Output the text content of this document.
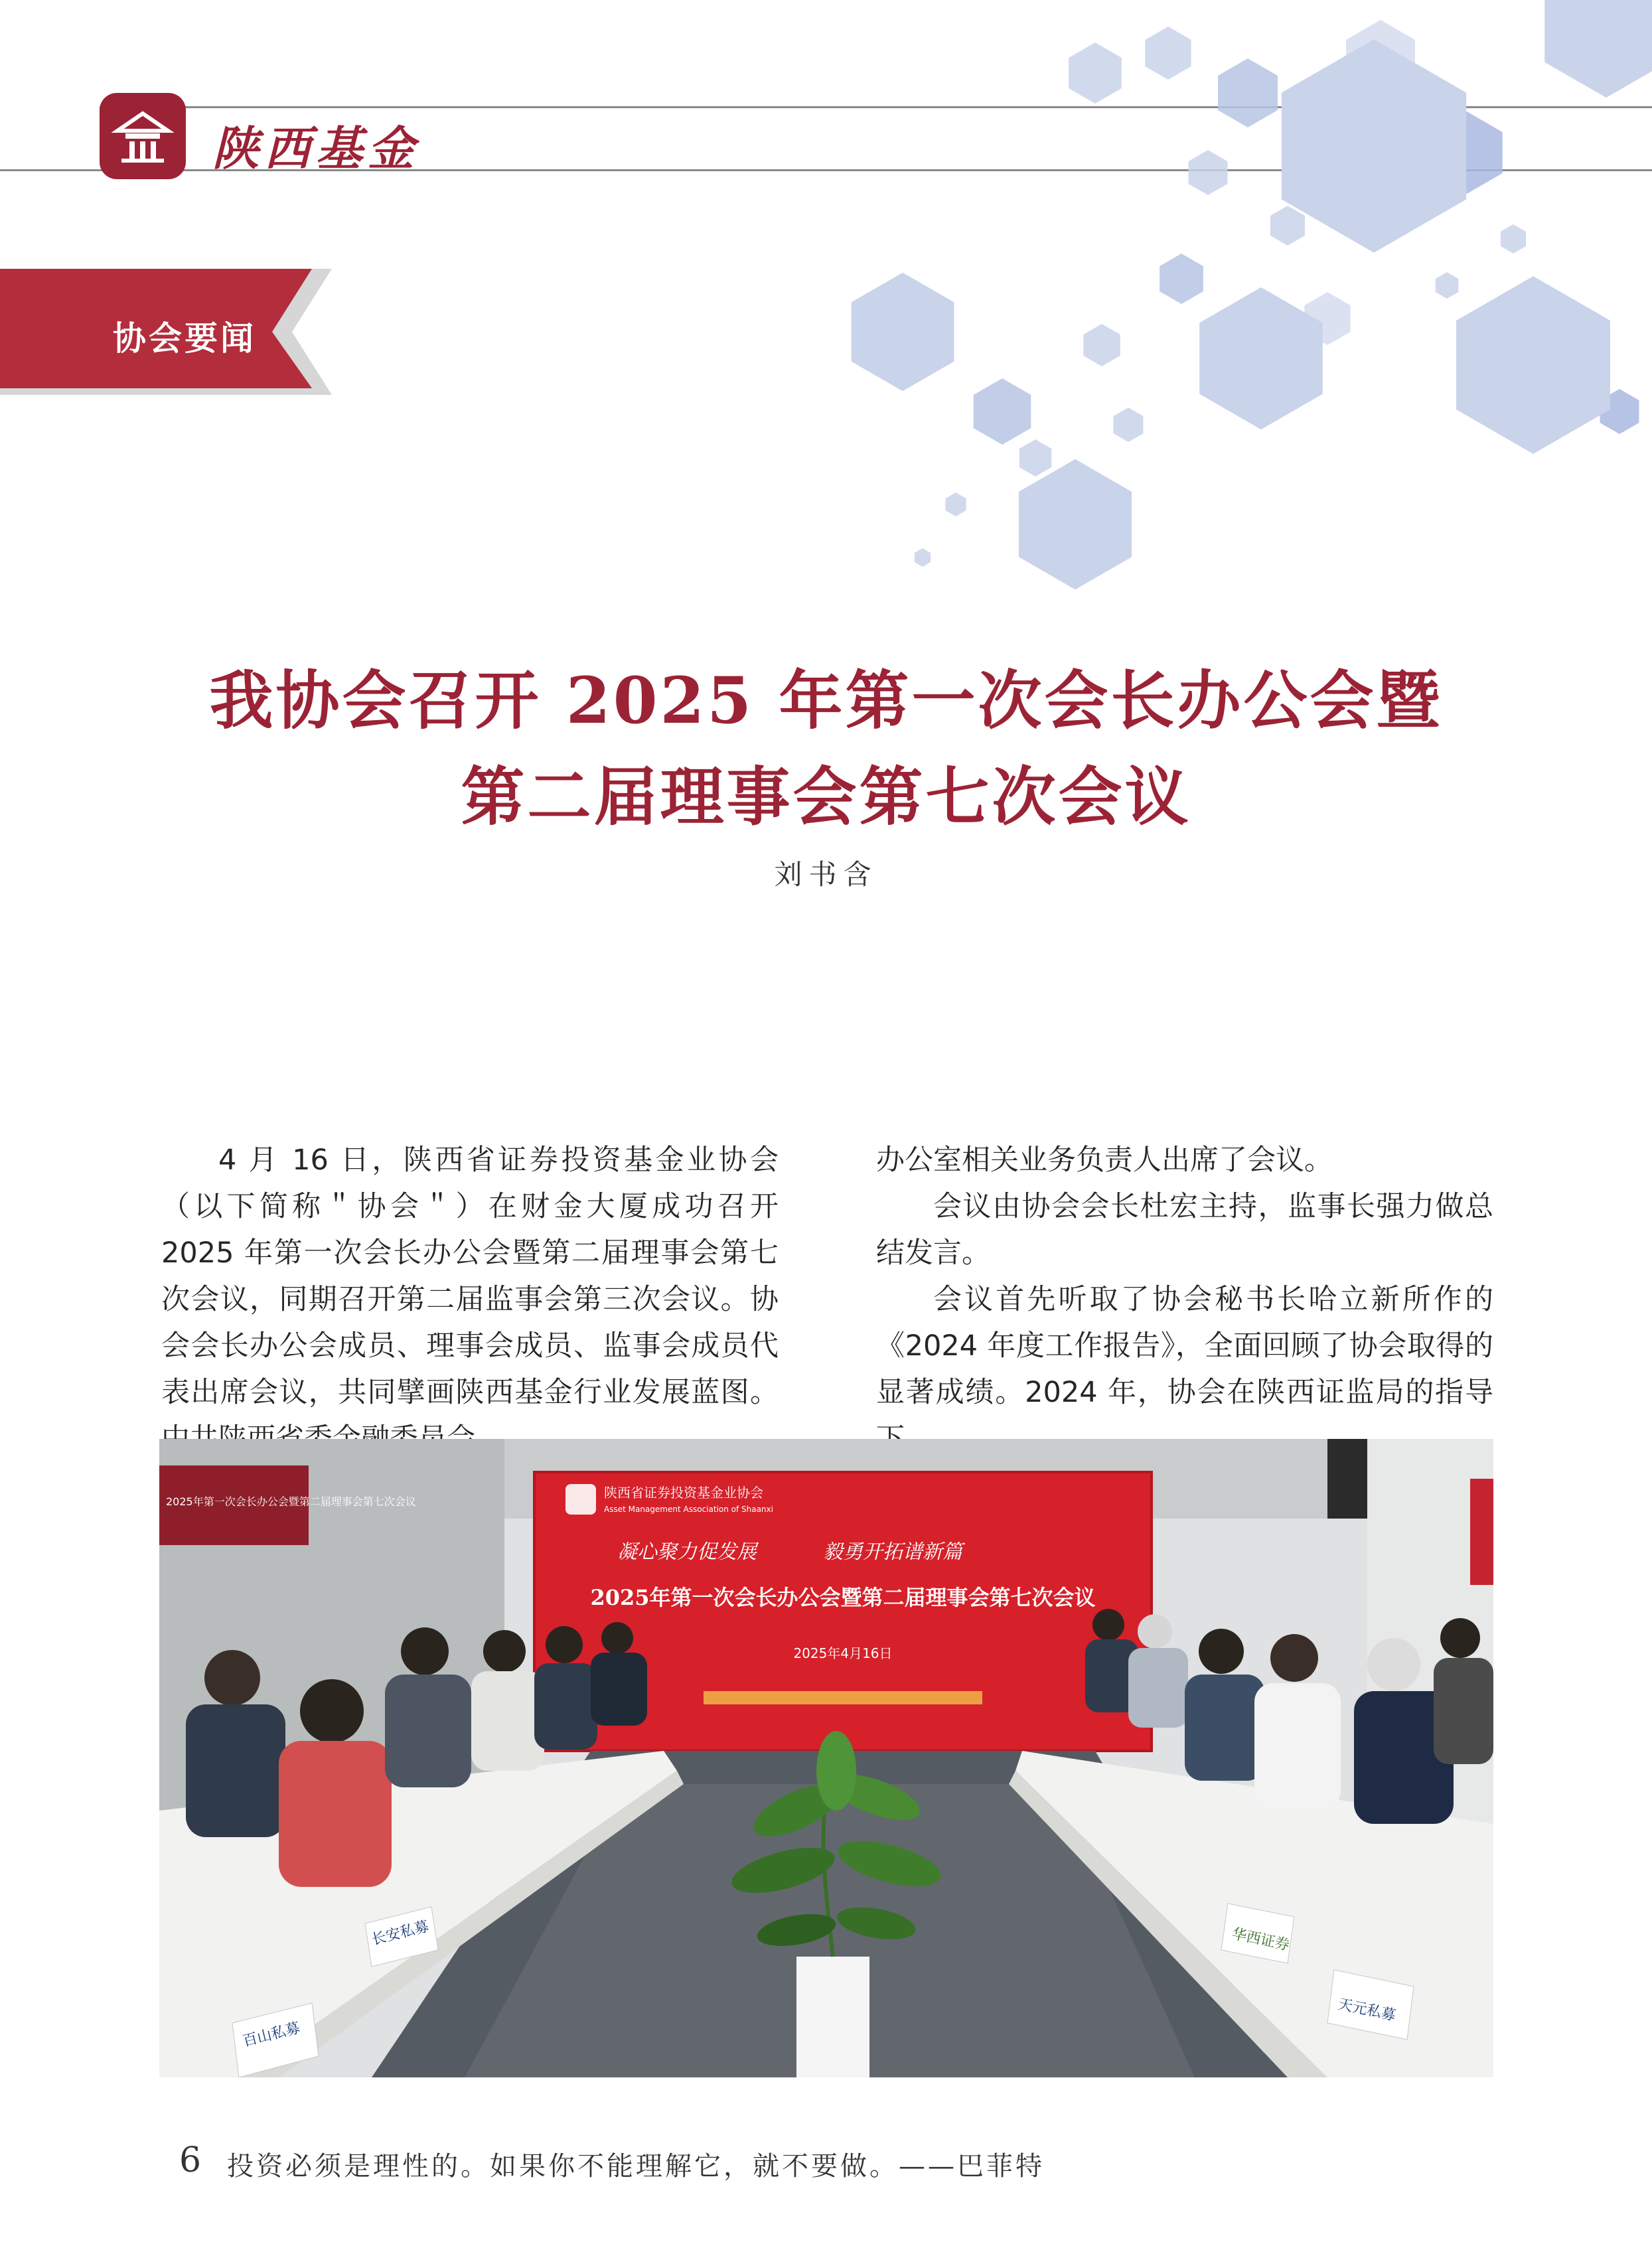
陕西基金
协会要闻
我协会召开 2025 年第一次会长办公会暨
第二届理事会第七次会议
刘书含

4 月 16 日，陕西省证券投资基金业协会（以下简称＂协会＂）在财金大厦成功召开 2025 年第一次会长办公会暨第二届理事会第七次会议，同期召开第二届监事会第三次会议。协会会长办公会成员、理事会成员、监事会成员代表出席会议，共同擘画陕西基金行业发展蓝图。

办公室相关业务负责人出席了会议。

会议由协会会长杜宏主持，监事长强力做总结发言。

会议首先听取了协会秘书长哈立新所作的《2024 年度工作报告》，全面回顾了协会取得的显著成绩。2024 年，协会在陕西证监局的指导

2025年第一次会长办公会暨第二届理事会第七次会议
陕西省证券投资基金业协会
Asset Management Association of Shaanxi
凝心聚力促发展	毅勇开拓谱新篇
2025年第一次会长办公会暨第二届理事会第七次会议
2025年4月16日
百山私募
长安私募	华西证券
天元私募
6 投资必须是理性的。如果你不能理解它，就不要做。——巴菲特
